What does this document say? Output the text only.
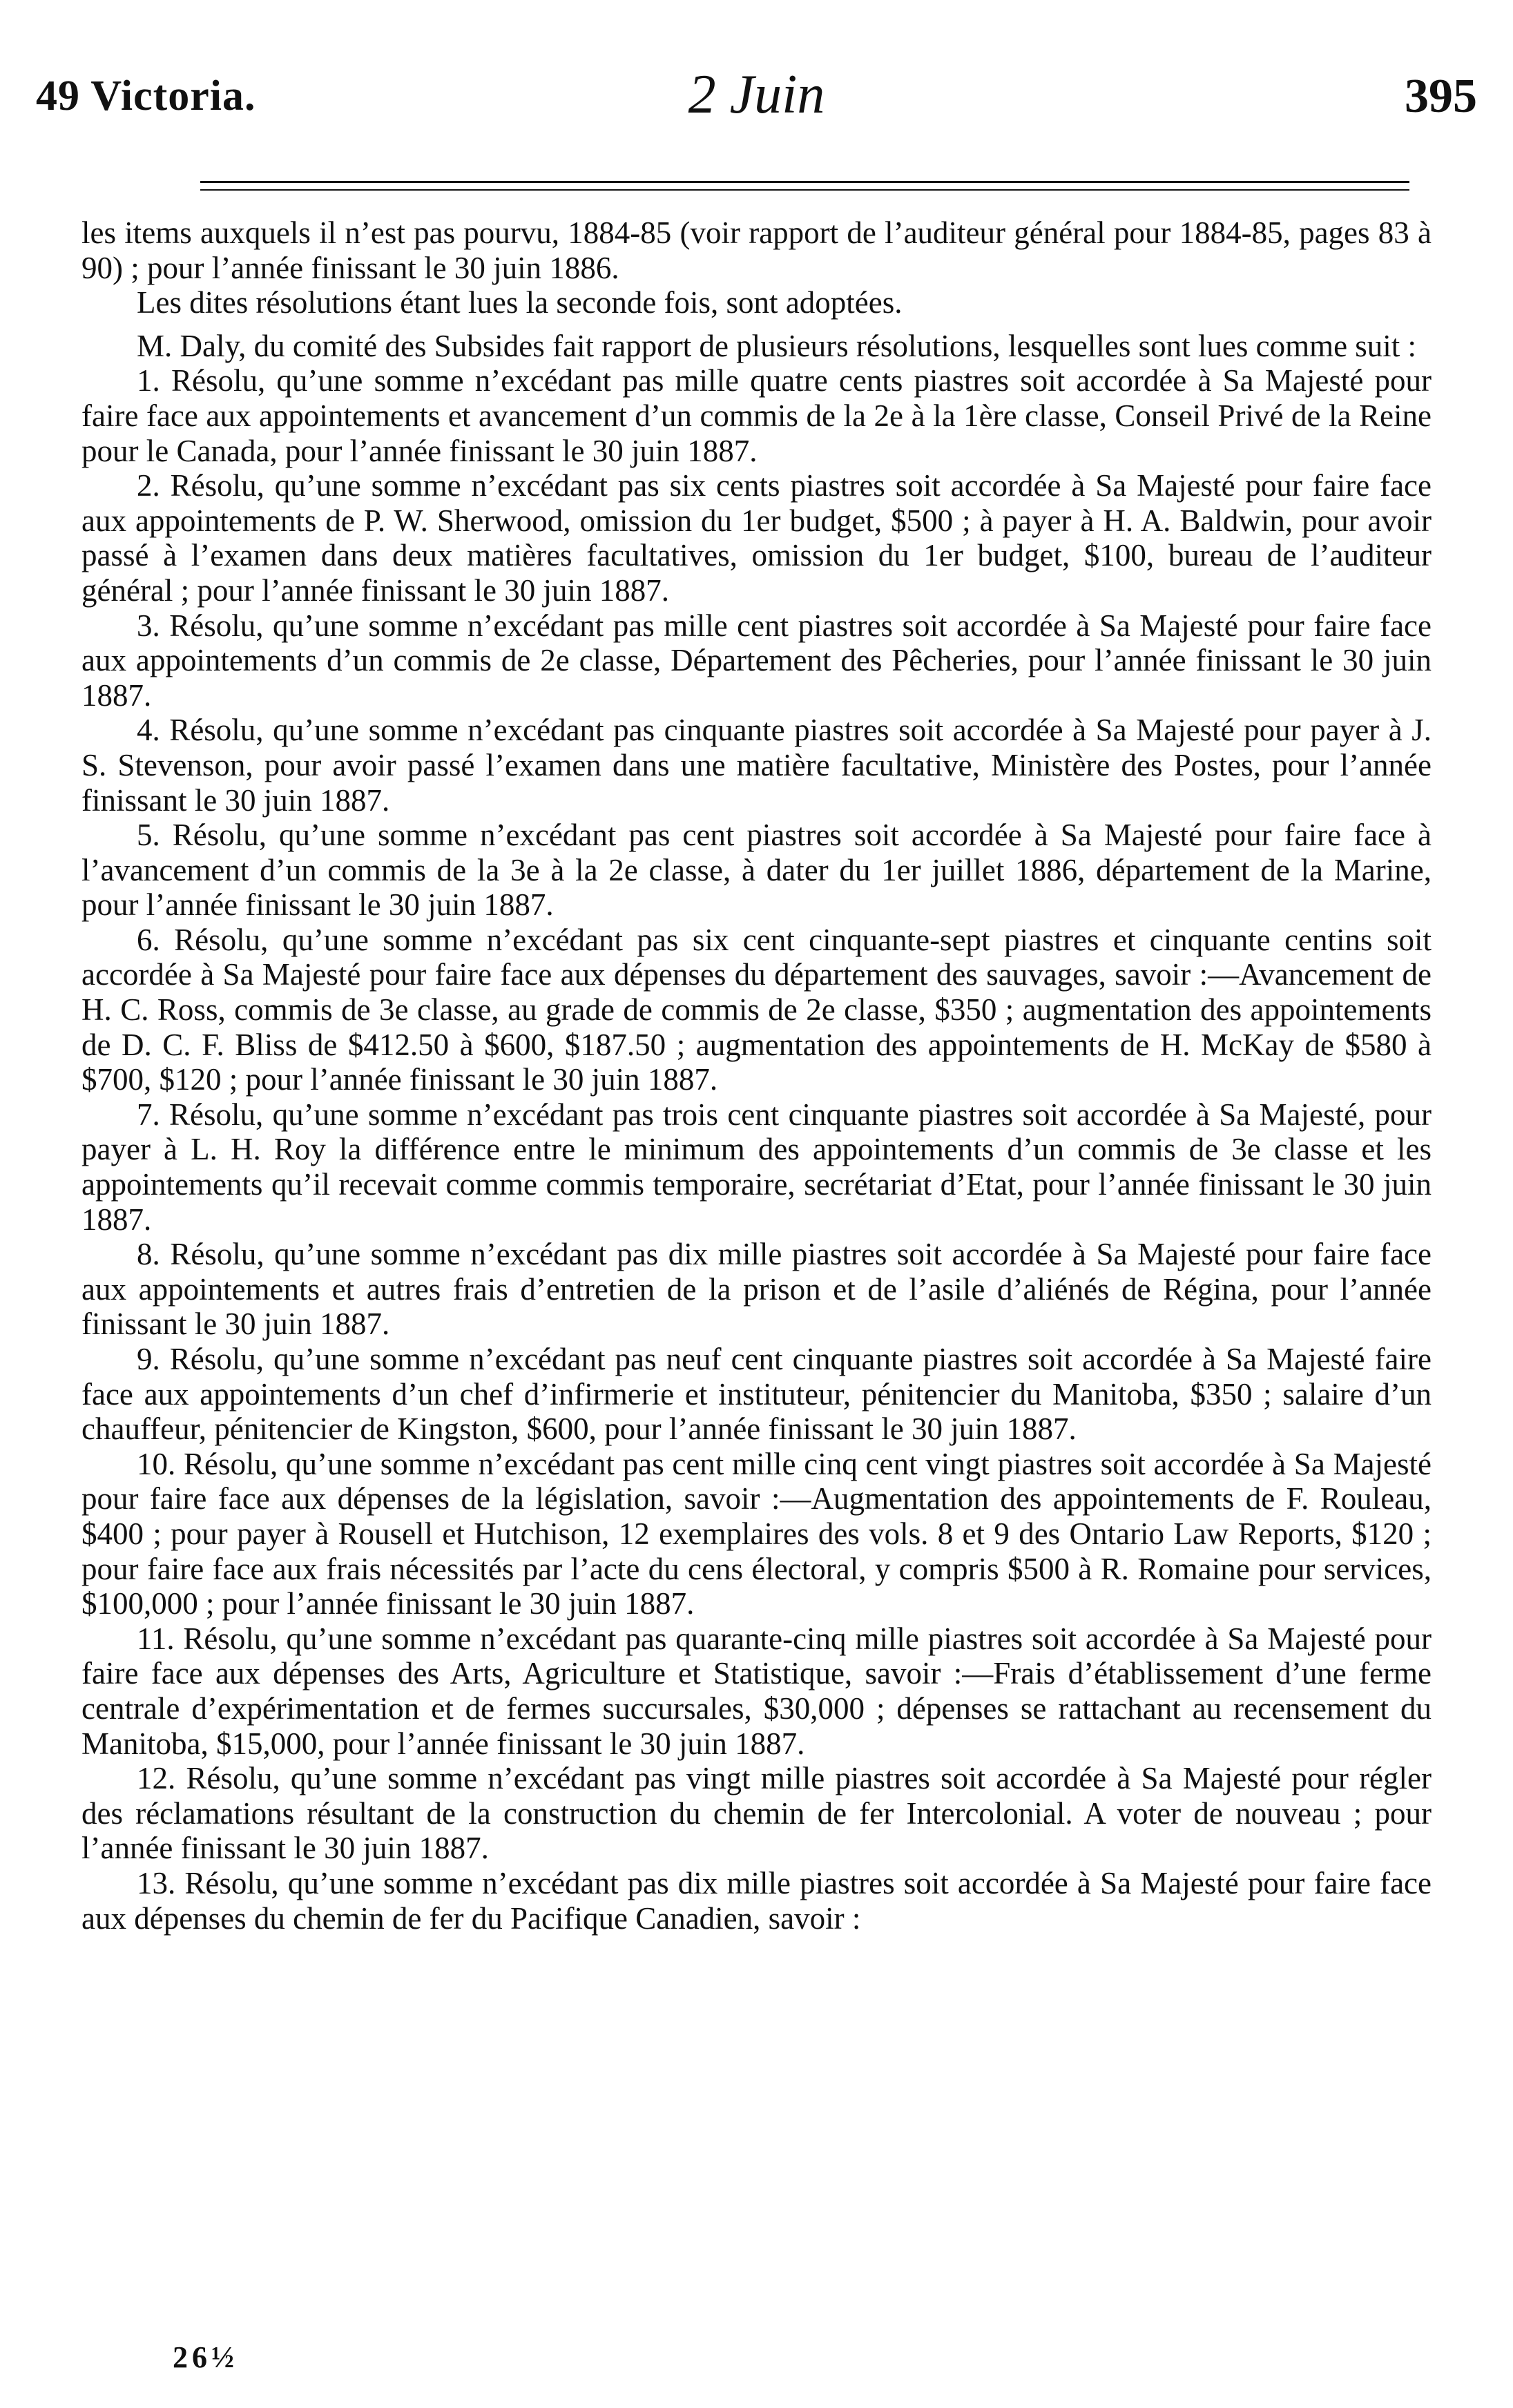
49 Victoria.	2 Juin	395

les items auxquels il n’est pas pourvu, 1884-85 (voir rapport de l’auditeur général pour 1884-85, pages 83 à 90) ; pour l’année finissant le 30 juin 1886.

Les dites résolutions étant lues la seconde fois, sont adoptées.

M. Daly, du comité des Subsides fait rapport de plusieurs résolutions, lesquelles sont lues comme suit :

1. Résolu, qu’une somme n’excédant pas mille quatre cents piastres soit accordée à Sa Majesté pour faire face aux appointements et avancement d’un commis de la 2e à la 1ère classe, Conseil Privé de la Reine pour le Canada, pour l’année finissant le 30 juin 1887.

2. Résolu, qu’une somme n’excédant pas six cents piastres soit accordée à Sa Majesté pour faire face aux appointements de P. W. Sherwood, omission du 1er budget, $500 ; à payer à H. A. Baldwin, pour avoir passé à l’examen dans deux matières facultatives, omission du 1er budget, $100, bureau de l’auditeur général ; pour l’année finissant le 30 juin 1887.

3. Résolu, qu’une somme n’excédant pas mille cent piastres soit accordée à Sa Majesté pour faire face aux appointements d’un commis de 2e classe, Département des Pêcheries, pour l’année finissant le 30 juin 1887.

4. Résolu, qu’une somme n’excédant pas cinquante piastres soit accordée à Sa Majesté pour payer à J. S. Stevenson, pour avoir passé l’examen dans une matière facultative, Ministère des Postes, pour l’année finissant le 30 juin 1887.

5. Résolu, qu’une somme n’excédant pas cent piastres soit accordée à Sa Majesté pour faire face à l’avancement d’un commis de la 3e à la 2e classe, à dater du 1er juillet 1886, département de la Marine, pour l’année finissant le 30 juin 1887.

6. Résolu, qu’une somme n’excédant pas six cent cinquante-sept piastres et cinquante centins soit accordée à Sa Majesté pour faire face aux dépenses du département des sauvages, savoir :—Avancement de H. C. Ross, commis de 3e classe, au grade de commis de 2e classe, $350 ; augmentation des appointements de D. C. F. Bliss de $412.50 à $600, $187.50 ; augmentation des appointements de H. McKay de $580 à $700, $120 ; pour l’année finissant le 30 juin 1887.

7. Résolu, qu’une somme n’excédant pas trois cent cinquante piastres soit accordée à Sa Majesté, pour payer à L. H. Roy la différence entre le minimum des appointements d’un commis de 3e classe et les appointements qu’il recevait comme commis temporaire, secrétariat d’Etat, pour l’année finissant le 30 juin 1887.

8. Résolu, qu’une somme n’excédant pas dix mille piastres soit accordée à Sa Majesté pour faire face aux appointements et autres frais d’entretien de la prison et de l’asile d’aliénés de Régina, pour l’année finissant le 30 juin 1887.

9. Résolu, qu’une somme n’excédant pas neuf cent cinquante piastres soit accordée à Sa Majesté faire face aux appointements d’un chef d’infirmerie et instituteur, pénitencier du Manitoba, $350 ; salaire d’un chauffeur, pénitencier de Kingston, $600, pour l’année finissant le 30 juin 1887.

10. Résolu, qu’une somme n’excédant pas cent mille cinq cent vingt piastres soit accordée à Sa Majesté pour faire face aux dépenses de la législation, savoir :—Augmentation des appointements de F. Rouleau, $400 ; pour payer à Rousell et Hutchison, 12 exemplaires des vols. 8 et 9 des Ontario Law Reports, $120 ; pour faire face aux frais nécessités par l’acte du cens électoral, y compris $500 à R. Romaine pour services, $100,000 ; pour l’année finissant le 30 juin 1887.

11. Résolu, qu’une somme n’excédant pas quarante-cinq mille piastres soit accordée à Sa Majesté pour faire face aux dépenses des Arts, Agriculture et Statistique, savoir :—Frais d’établissement d’une ferme centrale d’expérimentation et de fermes succursales, $30,000 ; dépenses se rattachant au recensement du Manitoba, $15,000, pour l’année finissant le 30 juin 1887.

12. Résolu, qu’une somme n’excédant pas vingt mille piastres soit accordée à Sa Majesté pour régler des réclamations résultant de la construction du chemin de fer Intercolonial. A voter de nouveau ; pour l’année finissant le 30 juin 1887.

13. Résolu, qu’une somme n’excédant pas dix mille piastres soit accordée à Sa Majesté pour faire face aux dépenses du chemin de fer du Pacifique Canadien, savoir :

26½
